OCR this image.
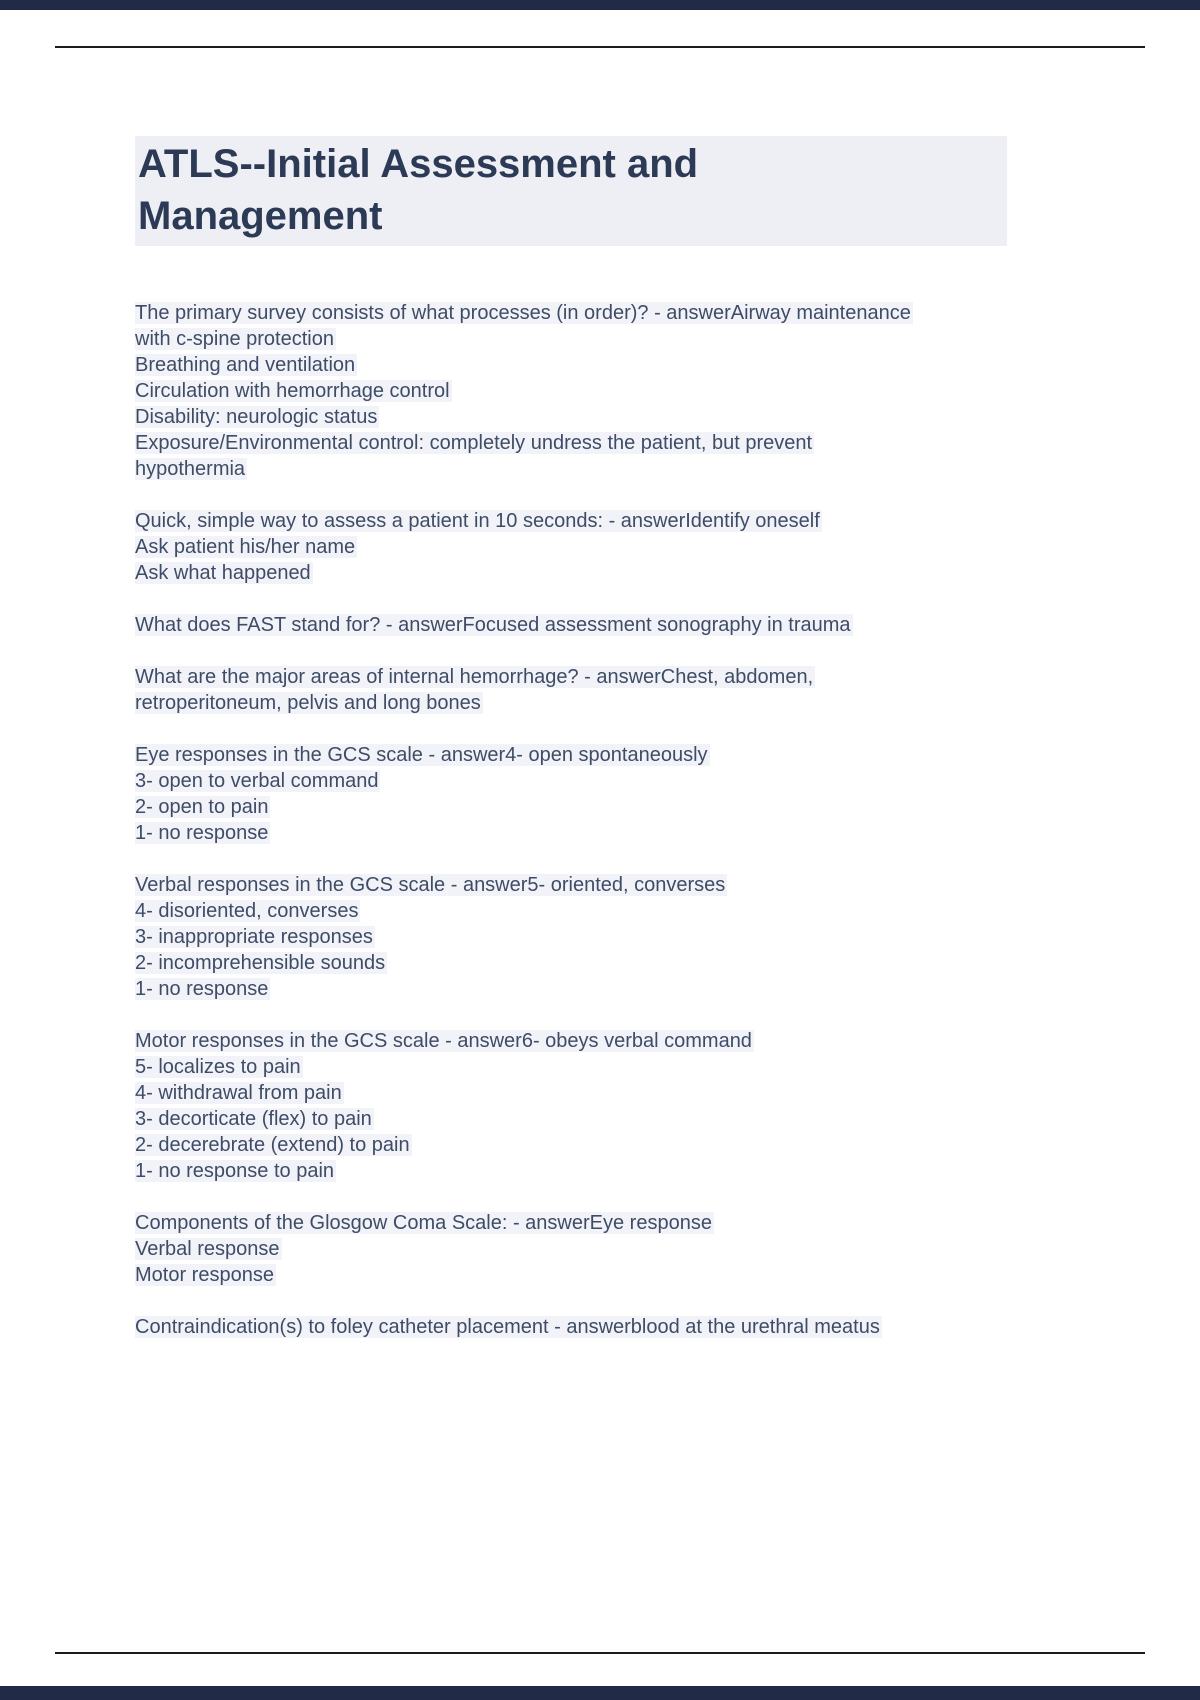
ATLS--Initial Assessment and
Management
The primary survey consists of what processes (in order)? - answerAirway maintenance
with c-spine protection
Breathing and ventilation
Circulation with hemorrhage control
Disability: neurologic status
Exposure/Environmental control: completely undress the patient, but prevent
hypothermia
Quick, simple way to assess a patient in 10 seconds: - answerIdentify oneself
Ask patient his/her name
Ask what happened
What does FAST stand for? - answerFocused assessment sonography in trauma
What are the major areas of internal hemorrhage? - answerChest, abdomen,
retroperitoneum, pelvis and long bones
Eye responses in the GCS scale - answer4- open spontaneously
3- open to verbal command
2- open to pain
1- no response
Verbal responses in the GCS scale - answer5- oriented, converses
4- disoriented, converses
3- inappropriate responses
2- incomprehensible sounds
1- no response
Motor responses in the GCS scale - answer6- obeys verbal command
5- localizes to pain
4- withdrawal from pain
3- decorticate (flex) to pain
2- decerebrate (extend) to pain
1- no response to pain
Components of the Glosgow Coma Scale: - answerEye response
Verbal response
Motor response
Contraindication(s) to foley catheter placement - answerblood at the urethral meatus
